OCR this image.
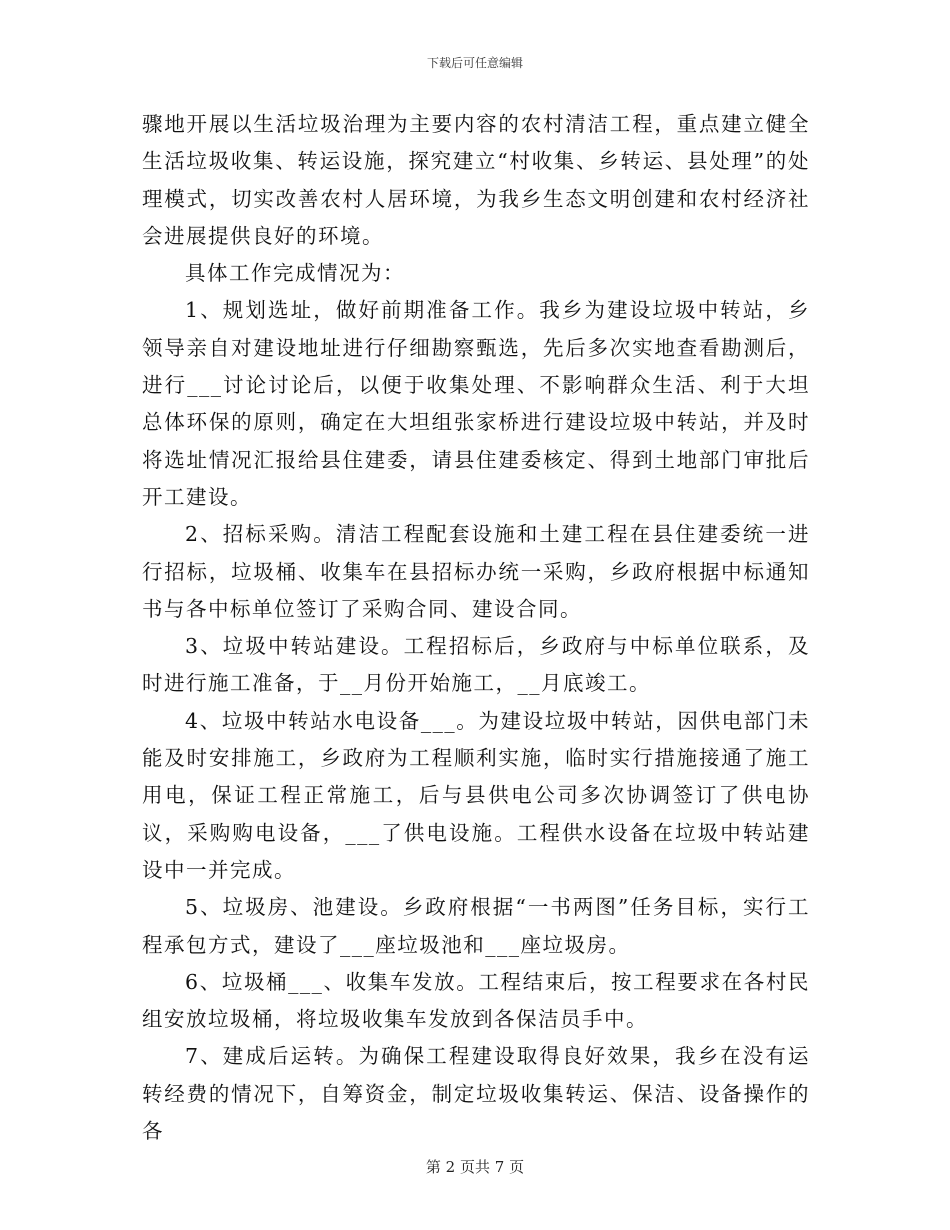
下载后可任意编辑

骤地开展以生活垃圾治理为主要内容的农村清洁工程，重点建立健全生活垃圾收集、转运设施，探究建立“村收集、乡转运、县处理”的处理模式，切实改善农村人居环境，为我乡生态文明创建和农村经济社会进展提供良好的环境。

具体工作完成情况为：

1、规划选址，做好前期准备工作。我乡为建设垃圾中转站，乡领导亲自对建设地址进行仔细勘察甄选，先后多次实地查看勘测后，进行___讨论讨论后，以便于收集处理、不影响群众生活、利于大坦总体环保的原则，确定在大坦组张家桥进行建设垃圾中转站，并及时将选址情况汇报给县住建委，请县住建委核定、得到土地部门审批后开工建设。

2、招标采购。清洁工程配套设施和土建工程在县住建委统一进行招标，垃圾桶、收集车在县招标办统一采购，乡政府根据中标通知书与各中标单位签订了采购合同、建设合同。

3、垃圾中转站建设。工程招标后，乡政府与中标单位联系，及时进行施工准备，于__月份开始施工，__月底竣工。

4、垃圾中转站水电设备___。为建设垃圾中转站，因供电部门未能及时安排施工，乡政府为工程顺利实施，临时实行措施接通了施工用电，保证工程正常施工，后与县供电公司多次协调签订了供电协议，采购购电设备，___了供电设施。工程供水设备在垃圾中转站建设中一并完成。

5、垃圾房、池建设。乡政府根据“一书两图”任务目标，实行工程承包方式，建设了___座垃圾池和___座垃圾房。

6、垃圾桶___、收集车发放。工程结束后，按工程要求在各村民组安放垃圾桶，将垃圾收集车发放到各保洁员手中。

7、建成后运转。为确保工程建设取得良好效果，我乡在没有运转经费的情况下，自筹资金，制定垃圾收集转运、保洁、设备操作的各

第 2 页共 7 页
